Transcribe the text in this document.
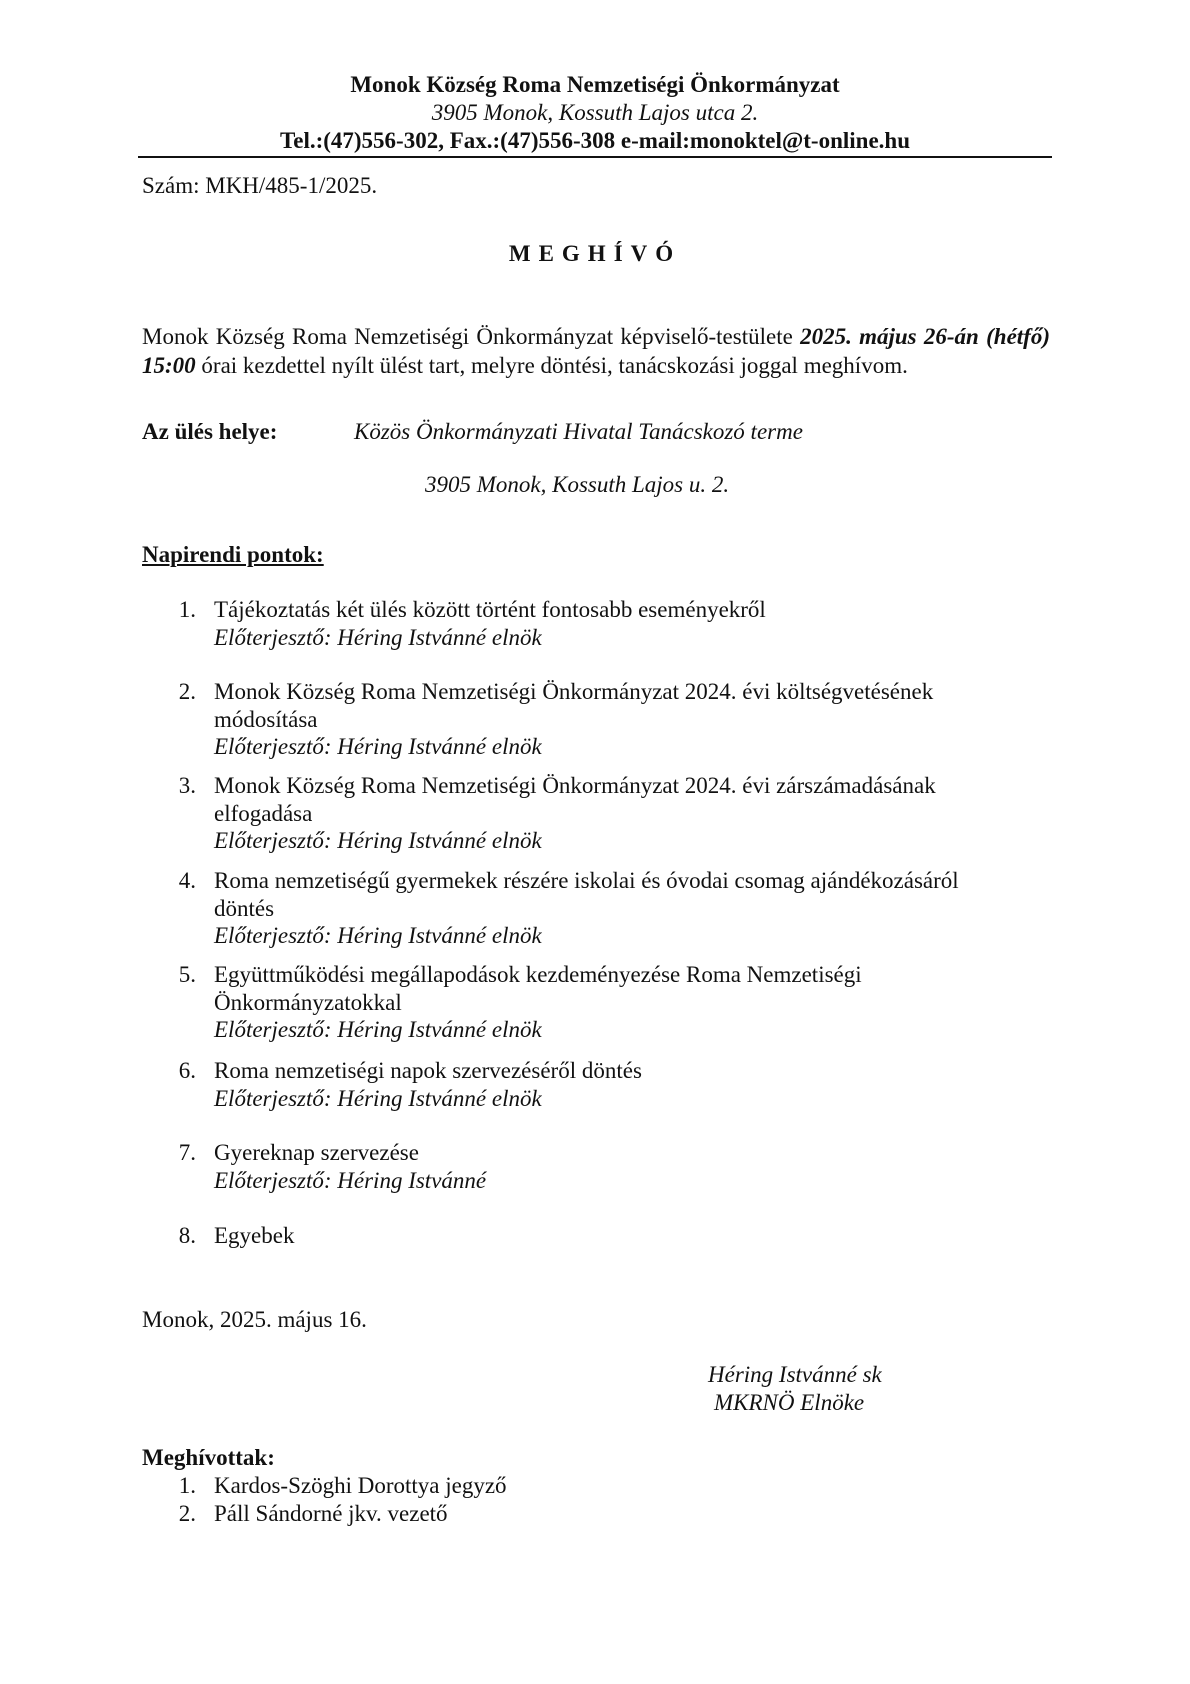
Monok Község Roma Nemzetiségi Önkormányzat

3905 Monok, Kossuth Lajos utca 2.

Tel.:(47)556-302, Fax.:(47)556-308 e-mail:monoktel@t-online.hu

Szám: MKH/485-1/2025.

MEGHÍVÓ

Monok Község Roma Nemzetiségi Önkormányzat képviselő-testülete 2025. május 26-án (hétfő) 15:00 órai kezdettel nyílt ülést tart, melyre döntési, tanácskozási joggal meghívom.

Az ülés helye:	Közös Önkormányzati Hivatal Tanácskozó terme

3905 Monok, Kossuth Lajos u. 2.

Napirendi pontok:

1. Tájékoztatás két ülés között történt fontosabb eseményekről
Előterjesztő: Héring Istvánné elnök
2. Monok Község Roma Nemzetiségi Önkormányzat 2024. évi költségvetésének
módosítása
Előterjesztő: Héring Istvánné elnök
3. Monok Község Roma Nemzetiségi Önkormányzat 2024. évi zárszámadásának
elfogadása
Előterjesztő: Héring Istvánné elnök
4. Roma nemzetiségű gyermekek részére iskolai és óvodai csomag ajándékozásáról
döntés
Előterjesztő: Héring Istvánné elnök
5. Együttműködési megállapodások kezdeményezése Roma Nemzetiségi
Önkormányzatokkal
Előterjesztő: Héring Istvánné elnök
6. Roma nemzetiségi napok szervezéséről döntés
Előterjesztő: Héring Istvánné elnök
7. Gyereknap szervezése
Előterjesztő: Héring Istvánné
8. Egyebek

Monok, 2025. május 16.

Héring Istvánné sk

MKRNÖ Elnöke

Meghívottak:

1. Kardos-Szöghi Dorottya jegyző
2. Páll Sándorné jkv. vezető
